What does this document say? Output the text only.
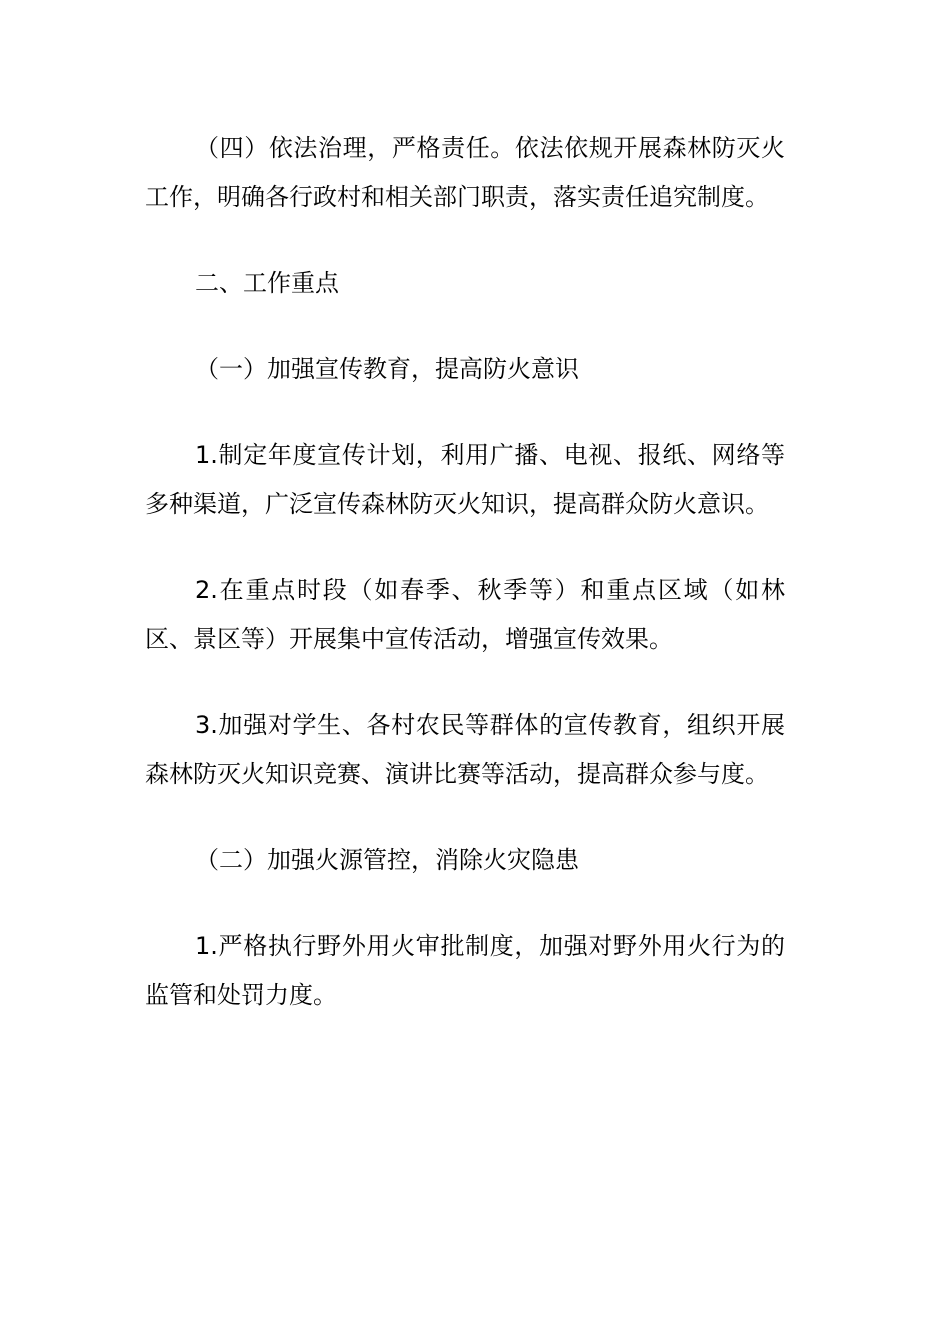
（四）依法治理，严格责任。依法依规开展森林防灭火工作，明确各行政村和相关部门职责，落实责任追究制度。

二、工作重点

（一）加强宣传教育，提高防火意识

1.制定年度宣传计划，利用广播、电视、报纸、网络等多种渠道，广泛宣传森林防灭火知识，提高群众防火意识。

2.在重点时段（如春季、秋季等）和重点区域（如林区、景区等）开展集中宣传活动，增强宣传效果。

3.加强对学生、各村农民等群体的宣传教育，组织开展森林防灭火知识竞赛、演讲比赛等活动，提高群众参与度。

（二）加强火源管控，消除火灾隐患

1.严格执行野外用火审批制度，加强对野外用火行为的监管和处罚力度。
